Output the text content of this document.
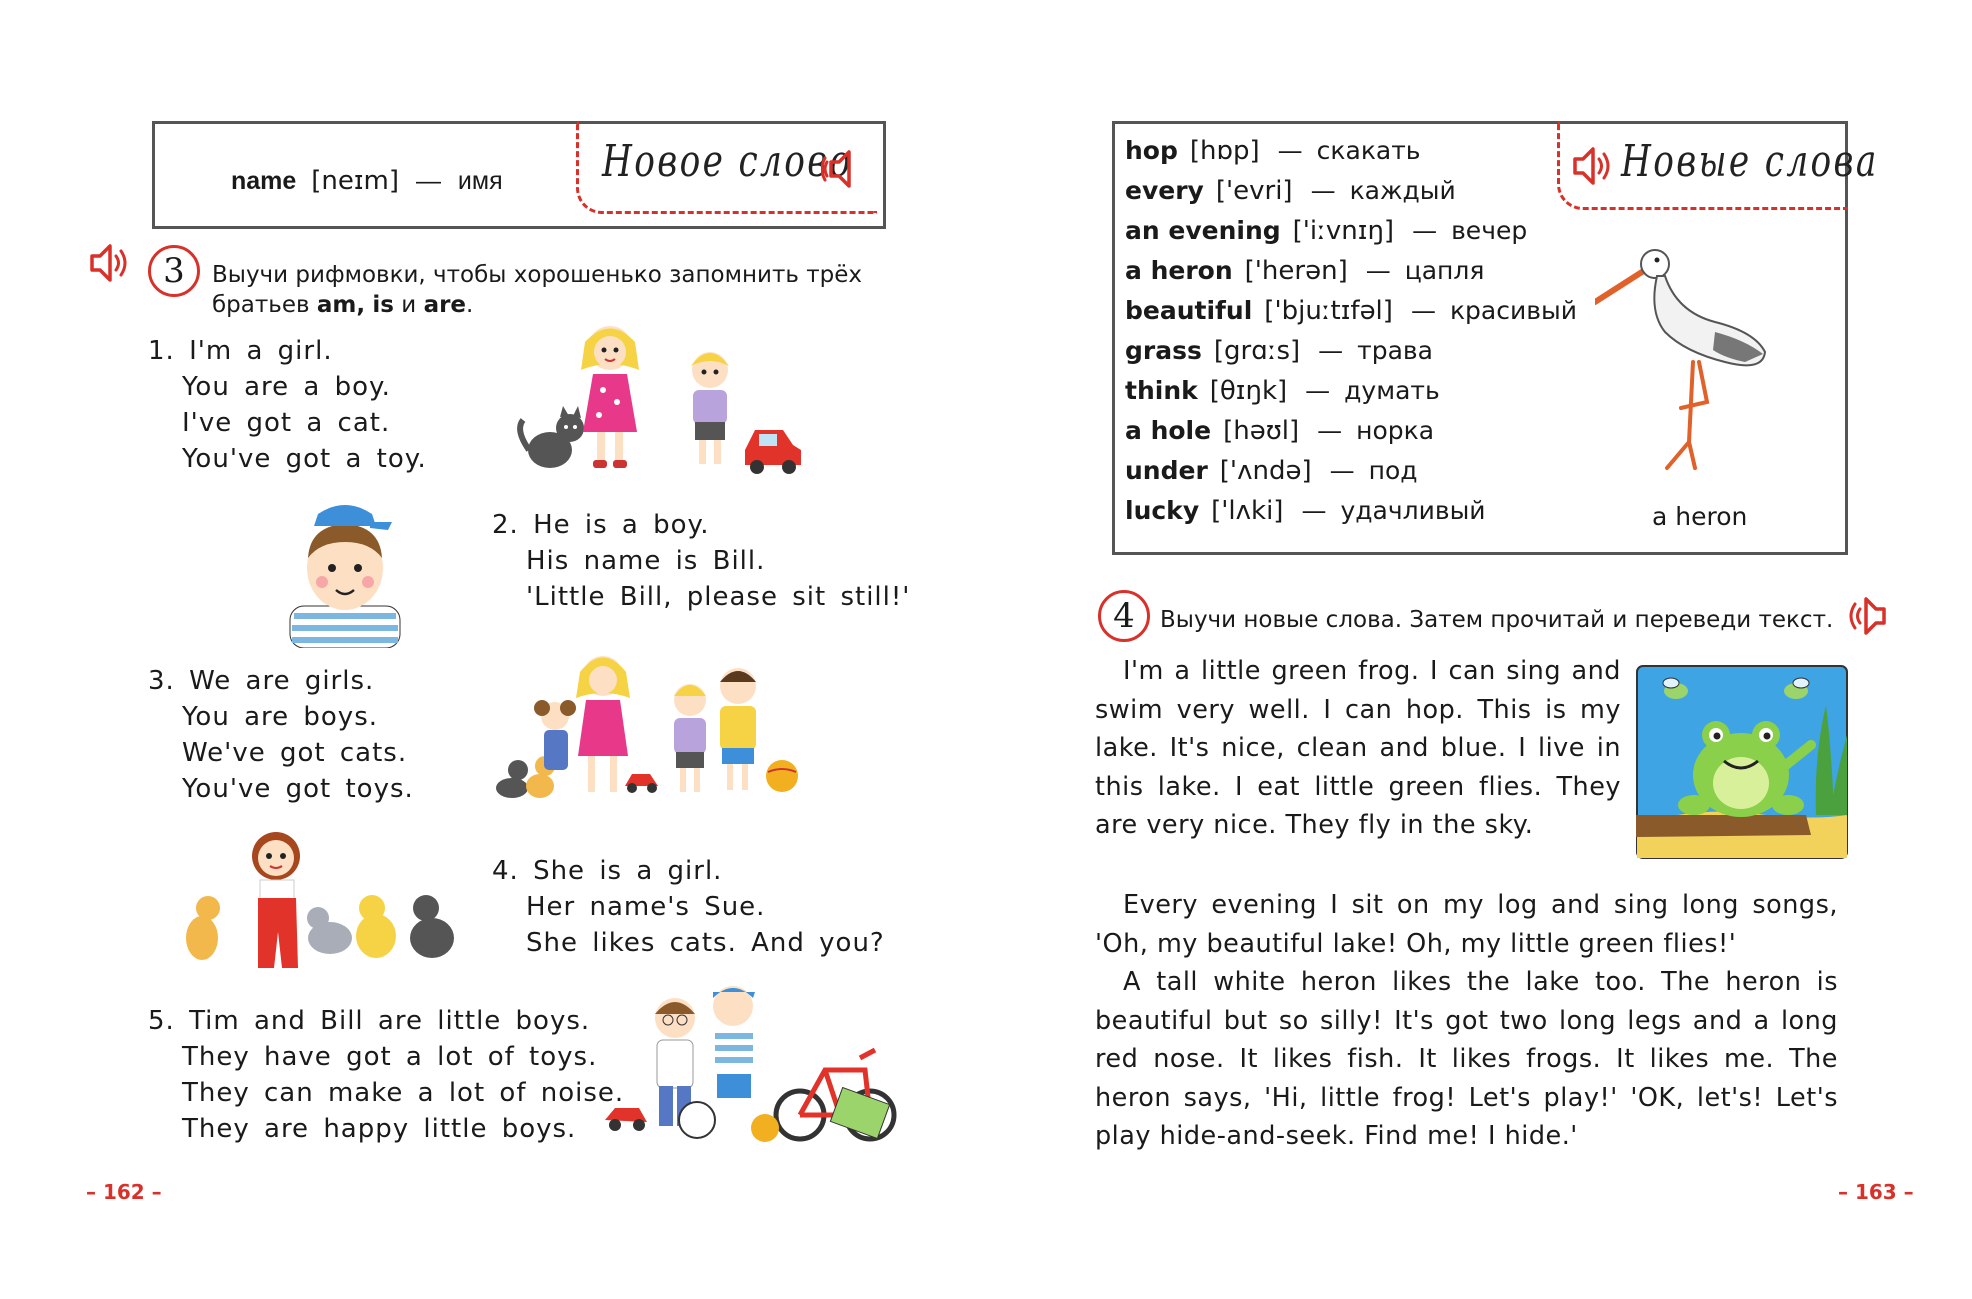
name [neɪm] — имя Новое слово
3	Выучи рифмовки, чтобы хорошенько запомнить трёх
братьев am, is и are.
1. I'm a girl.
You are a boy.
I've got a cat.
You've got a toy.
2. He is a boy.
His name is Bill.
'Little Bill, please sit still!'
3. We are girls.
You are boys.
We've got cats.
You've got toys.
4. She is a girl.
Her name's Sue.
She likes cats. And you?
5. Tim and Bill are little boys.
They have got a lot of toys.
They can make a lot of noise.
They are happy little boys.
– 162 –
Новые слова
hop [hɒp] — скакать
every ['evri] — каждый
an evening ['iːvnɪŋ] — вечер
a heron ['herən] — цапля
beautiful ['bjuːtɪfəl] — красивый
grass [grɑːs] — трава
think [θɪŋk] — думать
a hole [həʊl] — норка
under ['ʌndə] — под
lucky ['lʌki] — удачливый	a heron
4	Выучи новые слова. Затем прочитай и переведи текст.

I'm a little green frog. I can sing and swim very well. I can hop. This is my lake. It's nice, clean and blue. I live in this lake. I eat little green flies. They are very nice. They fly in the sky.

Every evening I sit on my log and sing long songs, 'Oh, my beautiful lake! Oh, my little green flies!'

A tall white heron likes the lake too. The heron is beautiful but so silly! It's got two long legs and a long red nose. It likes fish. It likes frogs. It likes me. The heron says, 'Hi, little frog! Let's play!' 'OK, let's! Let's play hide-and-seek. Find me! I hide.'

– 163 –
